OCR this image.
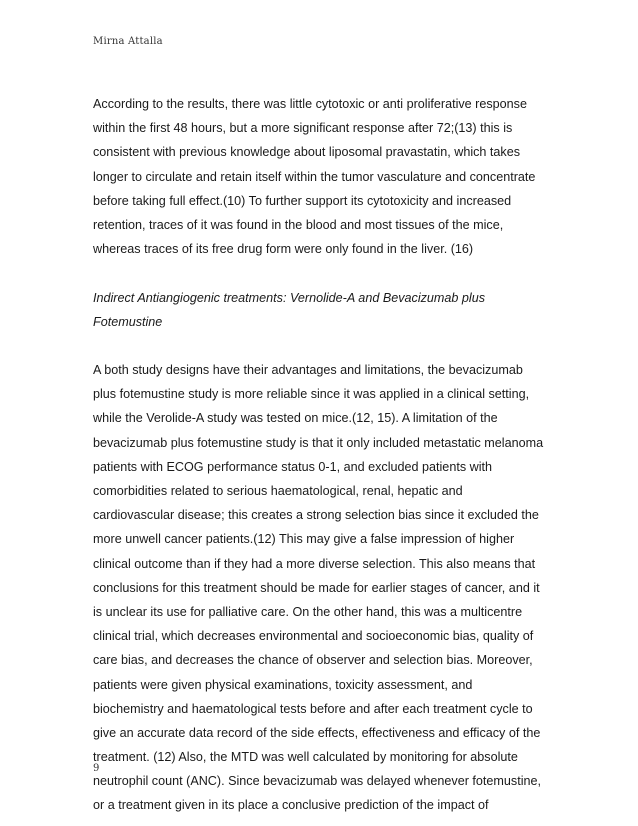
Mirna Attalla
According to the results, there was little cytotoxic or anti proliferative response
within the first 48 hours, but a more significant response after 72;(13) this is
consistent with previous knowledge about liposomal pravastatin, which takes
longer to circulate and retain itself within the tumor vasculature and concentrate
before taking full effect.(10) To further support its cytotoxicity and increased
retention, traces of it was found in the blood and most tissues of the mice,
whereas traces of its free drug form were only found in the liver. (16)
Indirect Antiangiogenic treatments: Vernolide-A and Bevacizumab plus
Fotemustine
A both study designs have their advantages and limitations, the bevacizumab
plus fotemustine study is more reliable since it was applied in a clinical setting,
while the Verolide-A study was tested on mice.(12, 15). A limitation of the
bevacizumab plus fotemustine study is that it only included metastatic melanoma
patients with ECOG performance status 0-1, and excluded patients with
comorbidities related to serious haematological, renal, hepatic and
cardiovascular disease; this creates a strong selection bias since it excluded the
more unwell cancer patients.(12) This may give a false impression of higher
clinical outcome than if they had a more diverse selection. This also means that
conclusions for this treatment should be made for earlier stages of cancer, and it
is unclear its use for palliative care. On the other hand, this was a multicentre
clinical trial, which decreases environmental and socioeconomic bias, quality of
care bias, and decreases the chance of observer and selection bias. Moreover,
patients were given physical examinations, toxicity assessment, and
biochemistry and haematological tests before and after each treatment cycle to
give an accurate data record of the side effects, effectiveness and efficacy of the
treatment. (12) Also, the MTD was well calculated by monitoring for absolute
neutrophil count (ANC). Since bevacizumab was delayed whenever fotemustine,
or a treatment given in its place a conclusive prediction of the impact of
9
